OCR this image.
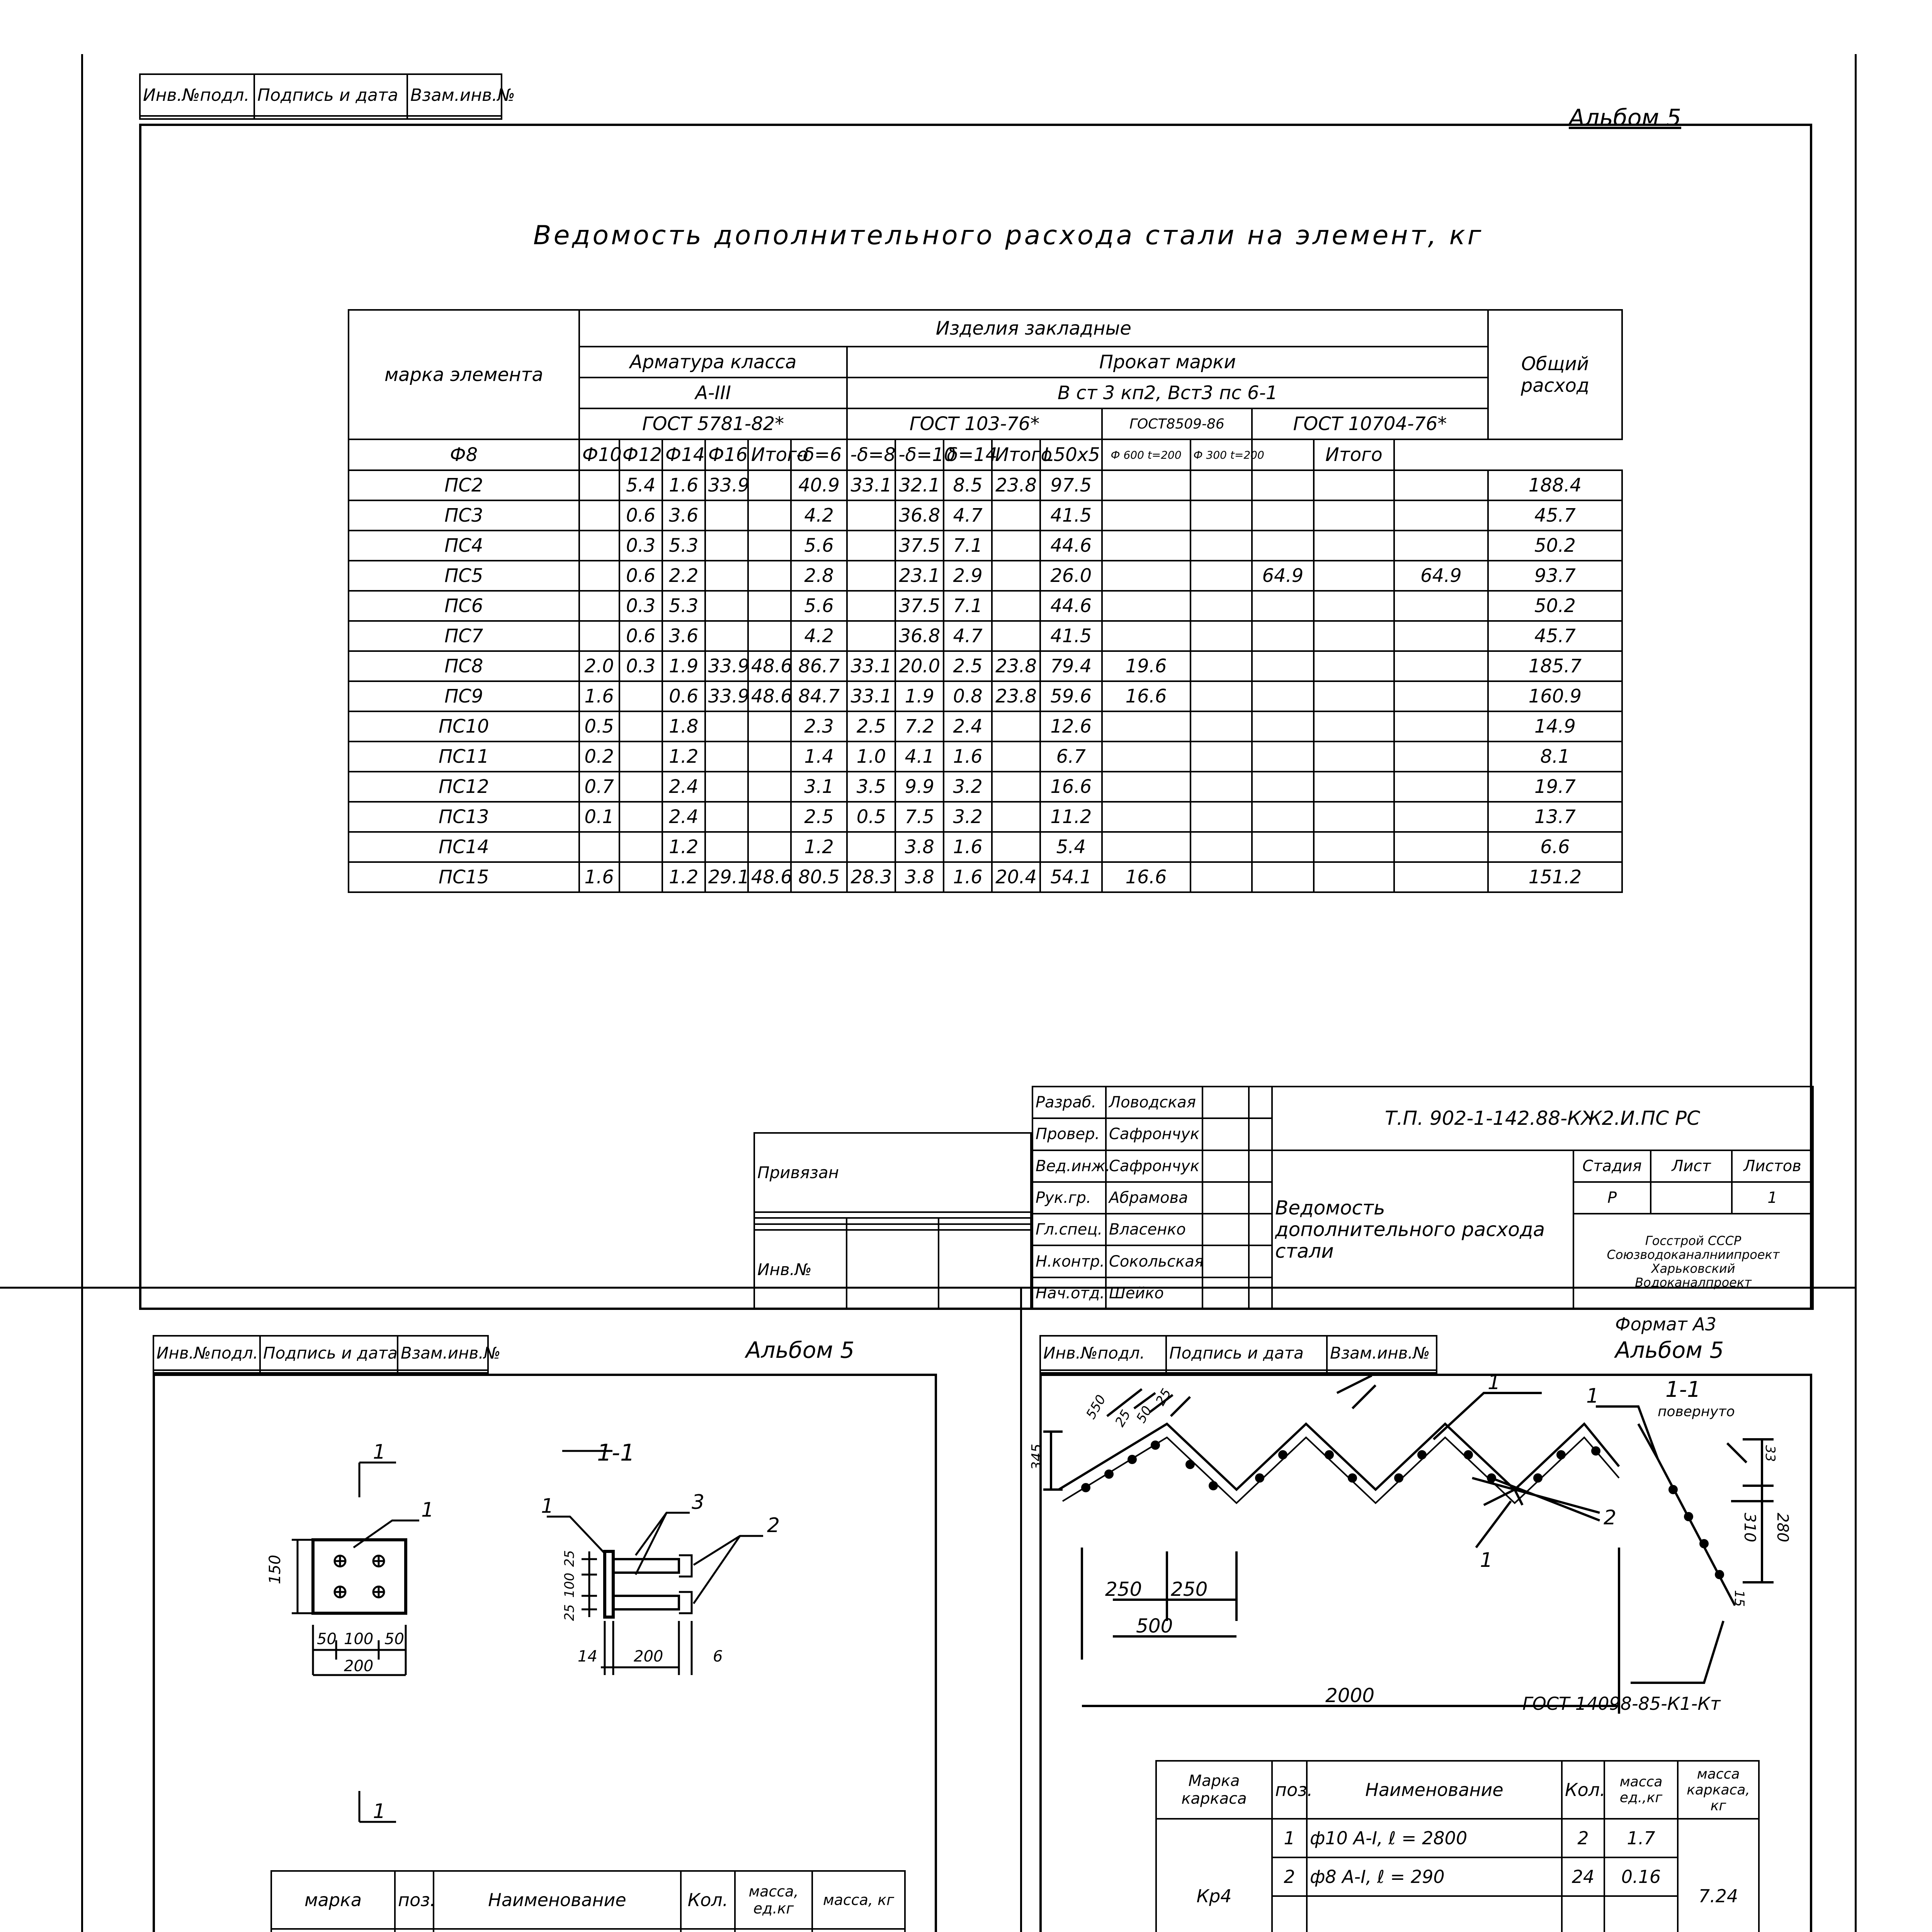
Инв.№подл.	Подпись и дата	Взам.инв.№

Альбом 5
Ведомость дополнительного расхода стали на элемент, кг
марка элемента	Изделия закладные																Общий расход
	Арматура класса						Прокат марки										
	А-III						В ст 3 кп2, Вст3 пс 6-1										
	ГОСТ 5781-82*						ГОСТ 103-76*					ГОСТ8509-86		ГОСТ 10704-76*			
Ф8	Ф10	Ф12	Ф14	Ф16	Итого	-δ=6	-δ=8	-δ=10	δ=14	Итого	L50x5	Ф 600 t=200	Ф 300 t=200		Итого		
ПС2		5.4	1.6	33.9		40.9	33.1	32.1	8.5	23.8	97.5						188.4
ПС3		0.6	3.6			4.2		36.8	4.7		41.5						45.7
ПС4		0.3	5.3			5.6		37.5	7.1		44.6						50.2
ПС5		0.6	2.2			2.8		23.1	2.9		26.0			64.9		64.9	93.7
ПС6		0.3	5.3			5.6		37.5	7.1		44.6						50.2
ПС7		0.6	3.6			4.2		36.8	4.7		41.5						45.7
ПС8	2.0	0.3	1.9	33.9	48.6	86.7	33.1	20.0	2.5	23.8	79.4	19.6					185.7
ПС9	1.6		0.6	33.9	48.6	84.7	33.1	1.9	0.8	23.8	59.6	16.6					160.9
ПС10	0.5		1.8			2.3	2.5	7.2	2.4		12.6						14.9
ПС11	0.2		1.2			1.4	1.0	4.1	1.6		6.7						8.1
ПС12	0.7		2.4			3.1	3.5	9.9	3.2		16.6						19.7
ПС13	0.1		2.4			2.5	0.5	7.5	3.2		11.2						13.7
ПС14			1.2			1.2		3.8	1.6		5.4						6.6
ПС15	1.6		1.2	29.1	48.6	80.5	28.3	3.8	1.6	20.4	54.1	16.6					151.2
Разраб.	Ловодская			Т.П. 902-1-142.88-КЖ2.И.ПС РС			
Провер.	Сафрончук						
Вед.инж.	Сафрончук			Ведомость дополнительного расхода стали	Стадия	Лист	Листов
Рук.гр.	Абрамова				Р		1
Гл.спец.	Власенко				Госстрой СССР
Союзводоканалниипроект
Харьковский
Водоканалпроект		

Н.контр.	Сокольская						
Нач.отд.	Шейко						
Привязан		

Инв.№		
Формат А3
Инв.№подл.	Подпись и дата	Взам.инв.№
			Альбом 5
1-1
1
1
1	1	3
2
150
50 100 50
200
25
100
25
14 200	6
марка	поз.	Наименование	Кол.	масса, ед.кг	масса, кг

Инв.№подл.	Подпись и дата	Взам.инв.№
			Альбом 5
345
550 25
50
25
250 250
500
2000
33
310 280
15
1-1
повернуто
1
1
2
1
ГОСТ 14098-85-К1-Кт
Марка каркаса	поз.	Наименование	Кол.	масса ед.,кг	масса каркаса, кг
Кр4	1	ф10 А-I, ℓ = 2800	2	1.7	7.24
	2	ф8 А-I, ℓ = 290	24	0.16	
